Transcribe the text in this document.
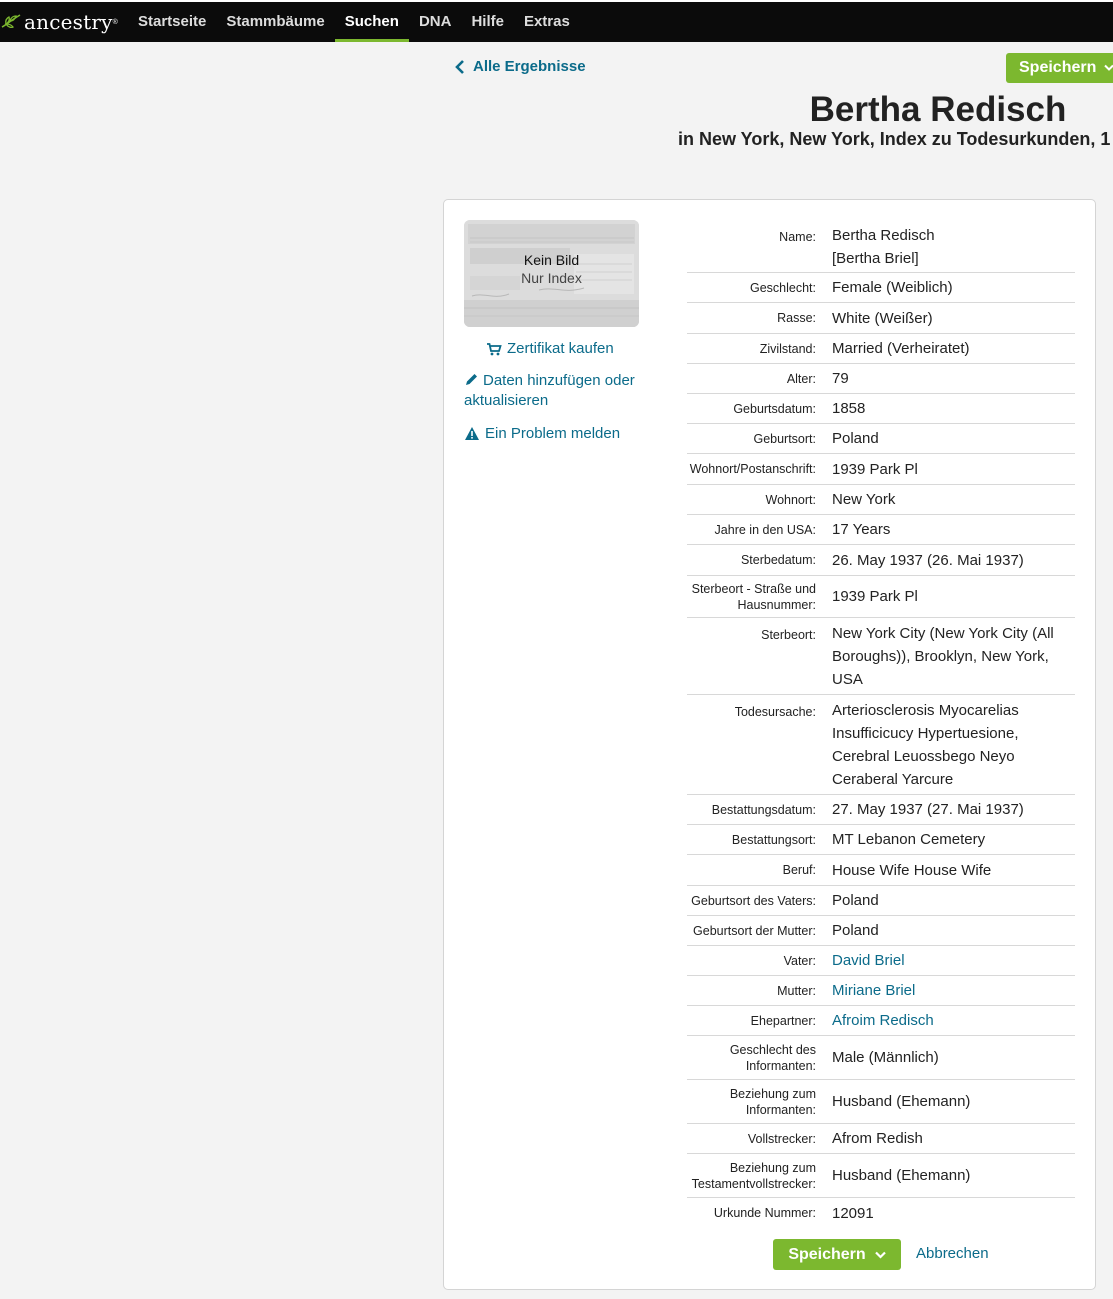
ancestry ®	Startseite	Stammbäume	Suchen	DNA	Hilfe	Extras
Alle Ergebnisse	Speichern
Bertha Redisch
in New York, New York, Index zu Todesurkunden, 1
Kein Bild
Nur Index
Zertifikat kaufen
Daten hinzufügen oder aktualisieren
Ein Problem melden
Name:	Bertha Redisch
[Bertha Briel]
Geschlecht:	Female (Weiblich)
Rasse:	White (Weißer)
Zivilstand:	Married (Verheiratet)
Alter:	79
Geburtsdatum:	1858
Geburtsort:	Poland
Wohnort/Postanschrift:	1939 Park Pl
Wohnort:	New York
Jahre in den USA:	17 Years
Sterbedatum:	26. May 1937 (26. Mai 1937)
Sterbeort - Straße und Hausnummer:	1939 Park Pl
Sterbeort:	New York City (New York City (All Boroughs)), Brooklyn, New York, USA
Todesursache:	Arteriosclerosis Myocarelias Insufficicucy Hypertuesione, Cerebral Leuossbego Neyo Ceraberal Yarcure
Bestattungsdatum:	27. May 1937 (27. Mai 1937)
Bestattungsort:	MT Lebanon Cemetery
Beruf:	House Wife House Wife
Geburtsort des Vaters:	Poland
Geburtsort der Mutter:	Poland
Vater:	David Briel
Mutter:	Miriane Briel
Ehepartner:	Afroim Redisch
Geschlecht des Informanten:	Male (Männlich)
Beziehung zum Informanten:	Husband (Ehemann)
Vollstrecker:	Afrom Redish
Beziehung zum Testamentvollstrecker:	Husband (Ehemann)
Urkunde Nummer:	12091
Speichern	Abbrechen
